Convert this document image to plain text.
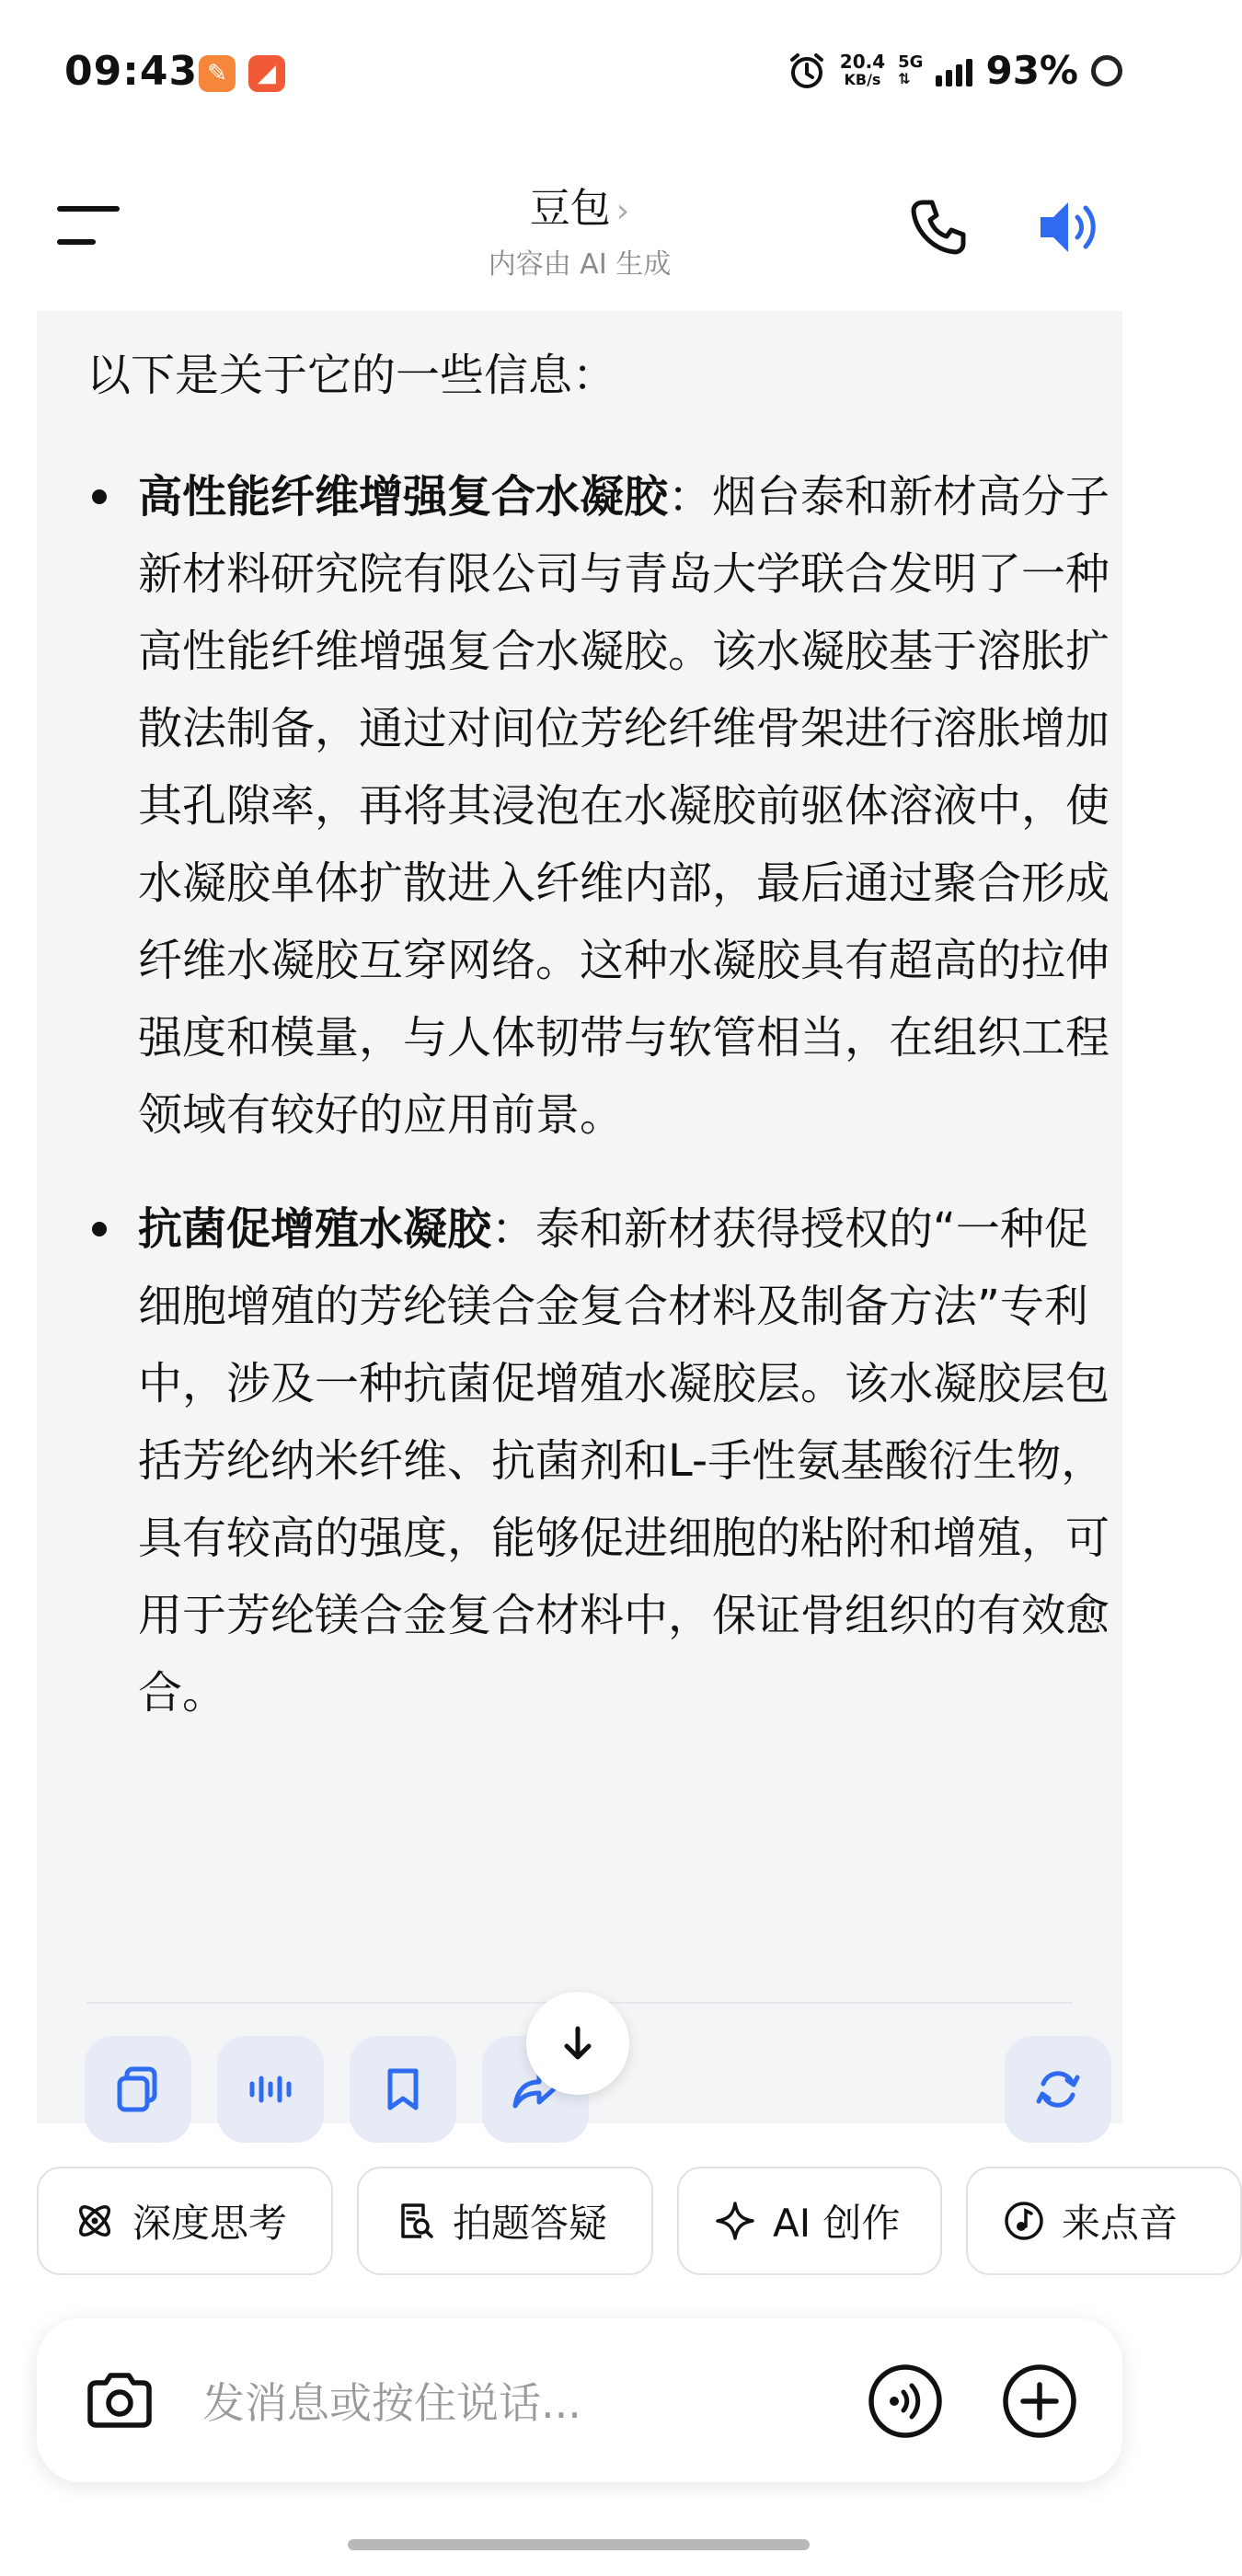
09:43 ✎	◢	20.4
KB/s
5G
⇅	93%
豆包 ›
内容由 AI 生成
以下是关于它的一些信息：
高性能纤维增强复合水凝胶：烟台泰和新材高分子新材料研究院有限公司与青岛大学联合发明了一种高性能纤维增强复合水凝胶。该水凝胶基于溶胀扩散法制备，通过对间位芳纶纤维骨架进行溶胀增加其孔隙率，再将其浸泡在水凝胶前驱体溶液中，使水凝胶单体扩散进入纤维内部，最后通过聚合形成纤维水凝胶互穿网络。这种水凝胶具有超高的拉伸强度和模量，与人体韧带与软管相当，在组织工程领域有较好的应用前景。
抗菌促增殖水凝胶：泰和新材获得授权的“一种促细胞增殖的芳纶镁合金复合材料及制备方法”专利中，涉及一种抗菌促增殖水凝胶层。该水凝胶层包括芳纶纳米纤维、抗菌剂和L-手性氨基酸衍生物，具有较高的强度，能够促进细胞的粘附和增殖，可用于芳纶镁合金复合材料中，保证骨组织的有效愈合。
深度思考	拍题答疑	AI 创作	来点音
发消息或按住说话...
